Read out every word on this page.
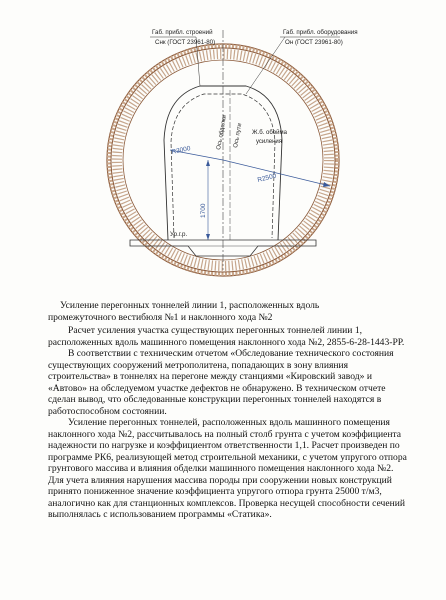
Габ. прибл. строений
Снк (ГОСТ 23961-80)
Габ. прибл. оборудования
Он (ГОСТ 23961-80)
Ось обделки Ось пути Ж.б. обойма
усиления
R3000
R2500
1700
Ур.г.р.

Усиление перегонных тоннелей линии 1, расположенных вдоль
промежуточного вестибюля №1 и наклонного хода №2

Расчет усиления участка существующих перегонных тоннелей линии 1, расположенных вдоль машинного помещения наклонного хода №2, 2855-6-28-1443-РР.

В соответствии с техническим отчетом «Обследование технического состояния существующих сооружений метрополитена, попадающих в зону влияния строительства» в тоннелях на перегоне между станциями «Кировский завод» и «Автово» на обследуемом участке дефектов не обнаружено. В техническом отчете сделан вывод, что обследованные конструкции перегонных тоннелей находятся в работоспособном состоянии.

Усиление перегонных тоннелей, расположенных вдоль машинного помещения наклонного хода №2, рассчитывалось на полный столб грунта с учетом коэффициента надежности по нагрузке и коэффициентом ответственности 1,1. Расчет произведен по программе РК6, реализующей метод строительной механики, с учетом упругого отпора грунтового массива и влияния обделки машинного помещения наклонного хода №2. Для учета влияния нарушения массива породы при сооружении новых конструкций принято пониженное значение коэффициента упругого отпора грунта 25000 т/м3, аналогично как для станционных комплексов. Проверка несущей способности сечений выполнялась с использованием программы «Статика».
